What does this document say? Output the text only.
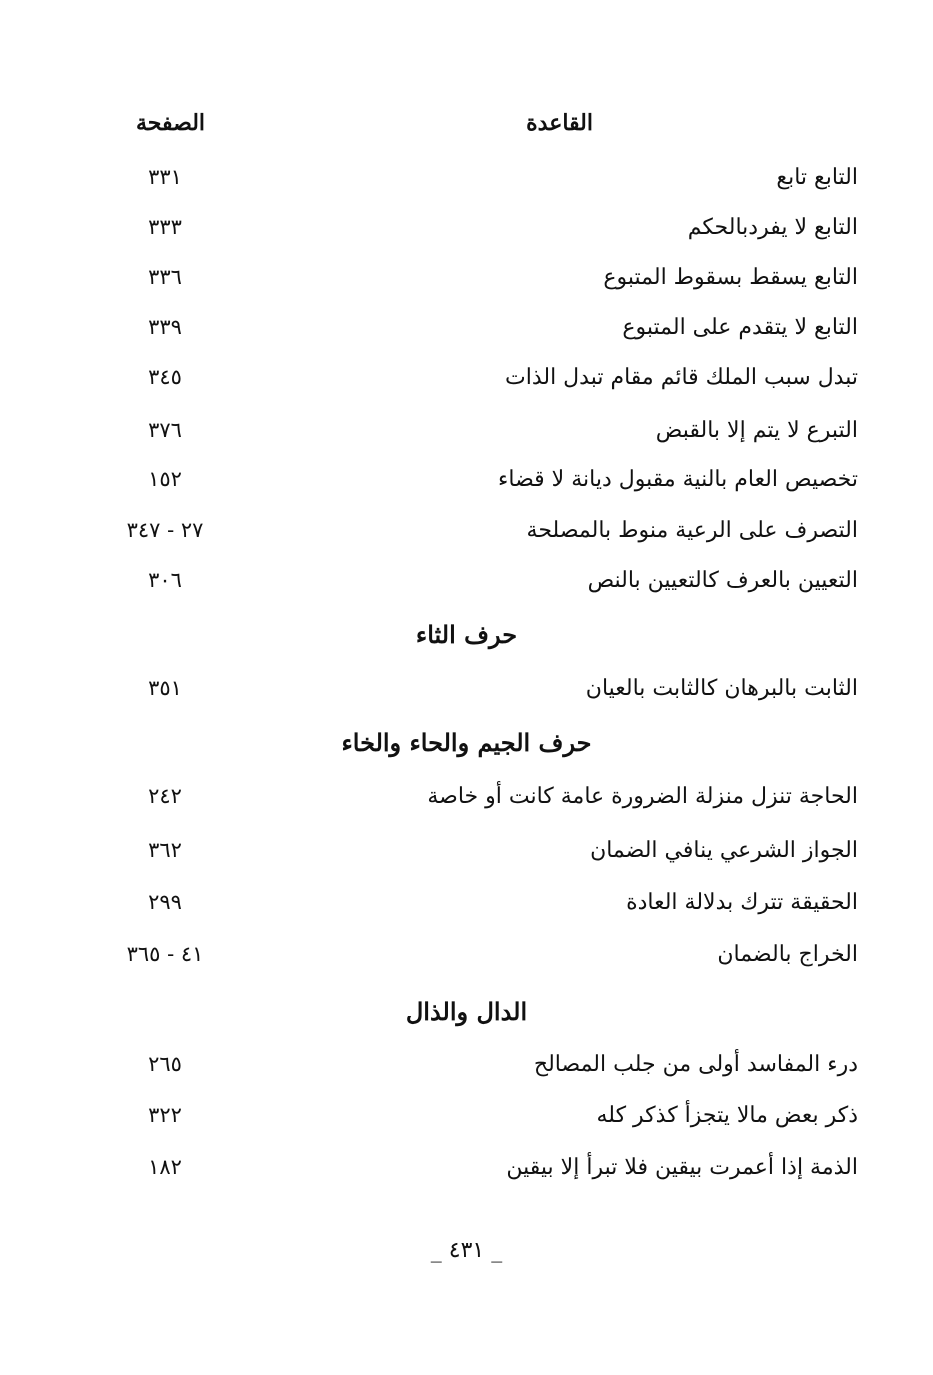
القاعدة
الصفحة
التابع تابع
٣٣١
التابع لا يفردبالحكم
٣٣٣
التابع يسقط بسقوط المتبوع
٣٣٦
التابع لا يتقدم على المتبوع
٣٣٩
تبدل سبب الملك قائم مقام تبدل الذات
٣٤٥
التبرع لا يتم إلا بالقبض
٣٧٦
تخصيص العام بالنية مقبول ديانة لا قضاء
١٥٢
التصرف على الرعية منوط بالمصلحة
٢٧ - ٣٤٧
التعيين بالعرف كالتعيين بالنص
٣٠٦
حرف الثاء
الثابت بالبرهان كالثابت بالعيان
٣٥١
حرف الجيم والحاء والخاء
الحاجة تنزل منزلة الضرورة عامة كانت أو خاصة
٢٤٢
الجواز الشرعي ينافي الضمان
٣٦٢
الحقيقة تترك بدلالة العادة
٢٩٩
الخراج بالضمان
٤١ - ٣٦٥
الدال والذال
درء المفاسد أولى من جلب المصالح
٢٦٥
ذكر بعض مالا يتجزأ كذكر كله
٣٢٢
الذمة إذا أعمرت بيقين فلا تبرأ إلا بيقين
١٨٢
_ ٤٣١ _
